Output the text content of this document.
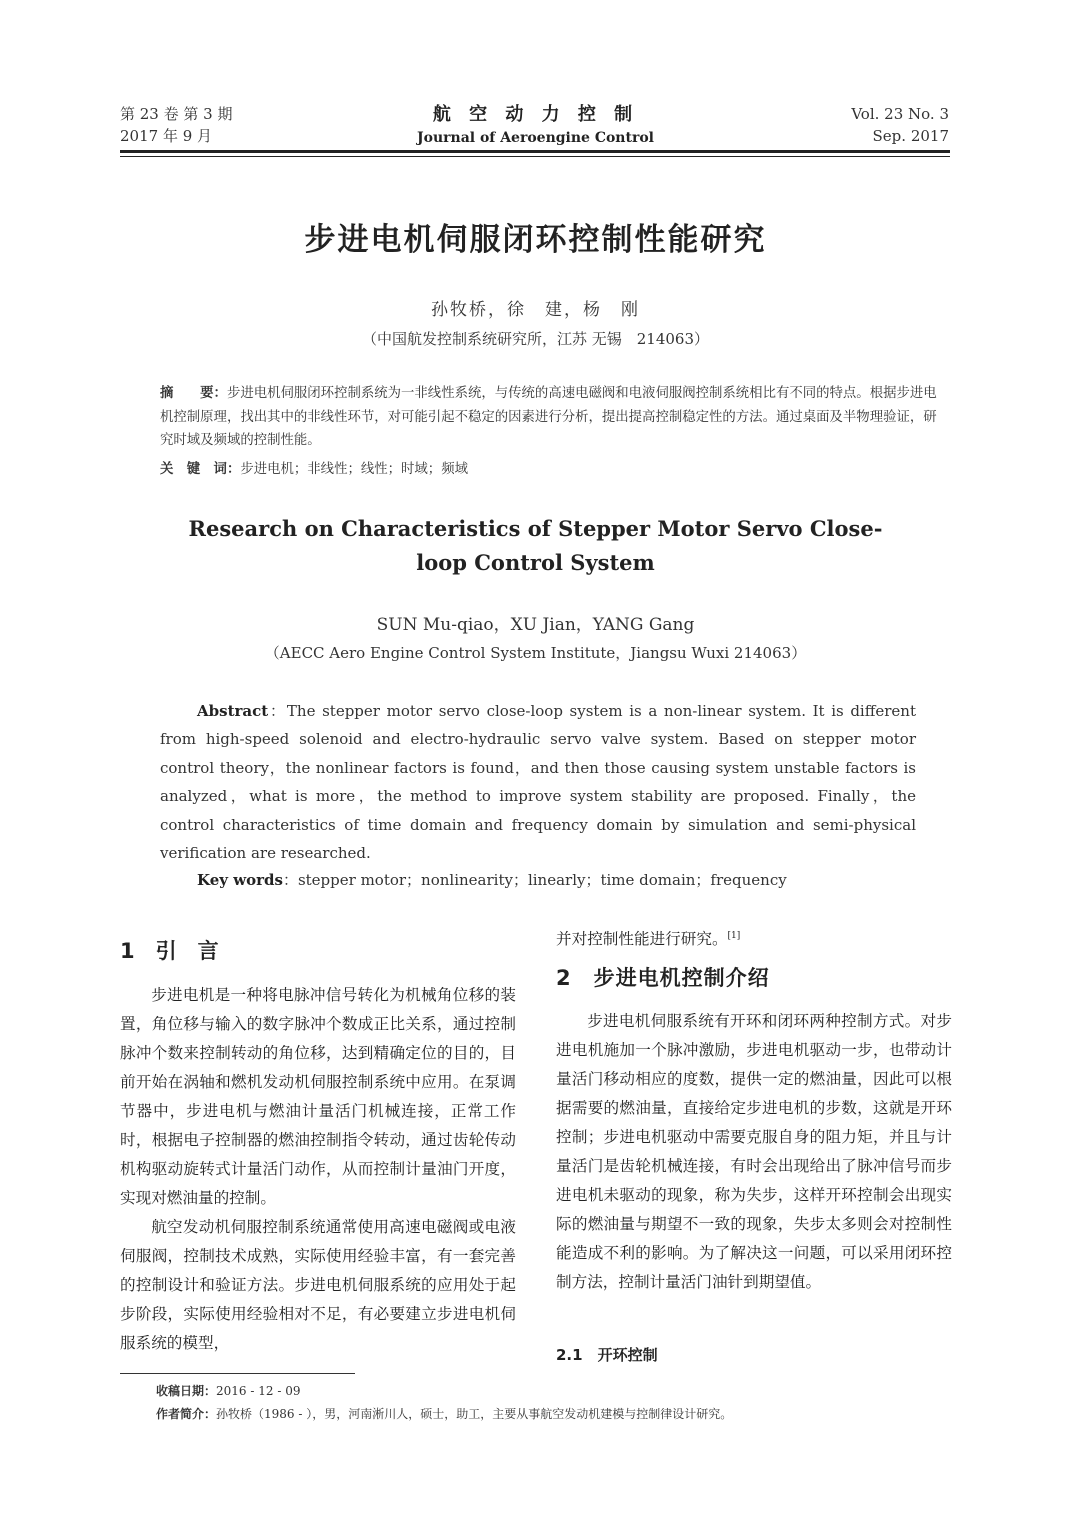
第 23 卷 第 3 期
2017 年 9 月
航 空 动 力 控 制
Journal of Aeroengine Control
Vol. 23 No. 3
Sep. 2017
步进电机伺服闭环控制性能研究
孙牧桥，徐　建，杨　刚
（中国航发控制系统研究所，江苏 无锡　214063）
摘　　要：步进电机伺服闭环控制系统为一非线性系统，与传统的高速电磁阀和电液伺服阀控制系统相比有不同的特点。根据步进电机控制原理，找出其中的非线性环节，对可能引起不稳定的因素进行分析，提出提高控制稳定性的方法。通过桌面及半物理验证，研究时域及频域的控制性能。
关　键　词：步进电机；非线性；线性；时域；频域
Research on Characteristics of Stepper Motor Servo Close-loop Control System
SUN Mu-qiao，XU Jian，YANG Gang
（AECC Aero Engine Control System Institute，Jiangsu Wuxi 214063）
Abstract：The stepper motor servo close-loop system is a non-linear system. It is different from high-speed solenoid and electro-hydraulic servo valve system. Based on stepper motor control theory，the nonlinear factors is found，and then those causing system unstable factors is analyzed，what is more，the method to improve system stability are proposed. Finally，the control characteristics of time domain and frequency domain by simulation and semi-physical verification are researched.
Key words：stepper motor；nonlinearity；linearly；time domain；frequency
1　引　言

步进电机是一种将电脉冲信号转化为机械角位移的装置，角位移与输入的数字脉冲个数成正比关系，通过控制脉冲个数来控制转动的角位移，达到精确定位的目的，目前开始在涡轴和燃机发动机伺服控制系统中应用。在泵调节器中，步进电机与燃油计量活门机械连接，正常工作时，根据电子控制器的燃油控制指令转动，通过齿轮传动机构驱动旋转式计量活门动作，从而控制计量油门开度，实现对燃油量的控制。

航空发动机伺服控制系统通常使用高速电磁阀或电液伺服阀，控制技术成熟，实际使用经验丰富，有一套完善的控制设计和验证方法。步进电机伺服系统的应用处于起步阶段，实际使用经验相对不足，有必要建立步进电机伺服系统的模型，

并对控制性能进行研究。[1]
2　步进电机控制介绍

步进电机伺服系统有开环和闭环两种控制方式。对步进电机施加一个脉冲激励，步进电机驱动一步，也带动计量活门移动相应的度数，提供一定的燃油量，因此可以根据需要的燃油量，直接给定步进电机的步数，这就是开环控制；步进电机驱动中需要克服自身的阻力矩，并且与计量活门是齿轮机械连接，有时会出现给出了脉冲信号而步进电机未驱动的现象，称为失步，这样开环控制会出现实际的燃油量与期望不一致的现象，失步太多则会对控制性能造成不利的影响。为了解决这一问题，可以采用闭环控制方法，控制计量活门油针到期望值。

2.1　开环控制
收稿日期：2016 - 12 - 09
作者简介：孙牧桥（1986 - ），男，河南淅川人，硕士，助工，主要从事航空发动机建模与控制律设计研究。
